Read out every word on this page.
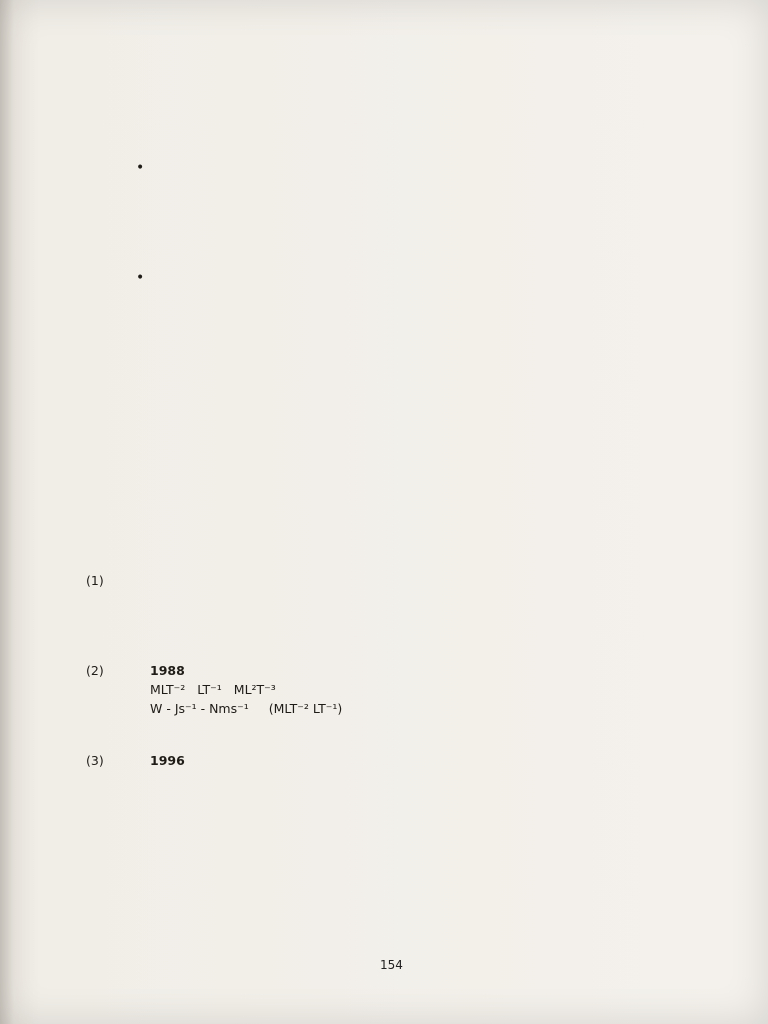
•
•

(1)
(2)	1988
MLT⁻² LT⁻¹ ML²T⁻³
W - Js⁻¹ - Nms⁻¹ (MLT⁻² LT⁻¹)
(3)	1996
154
